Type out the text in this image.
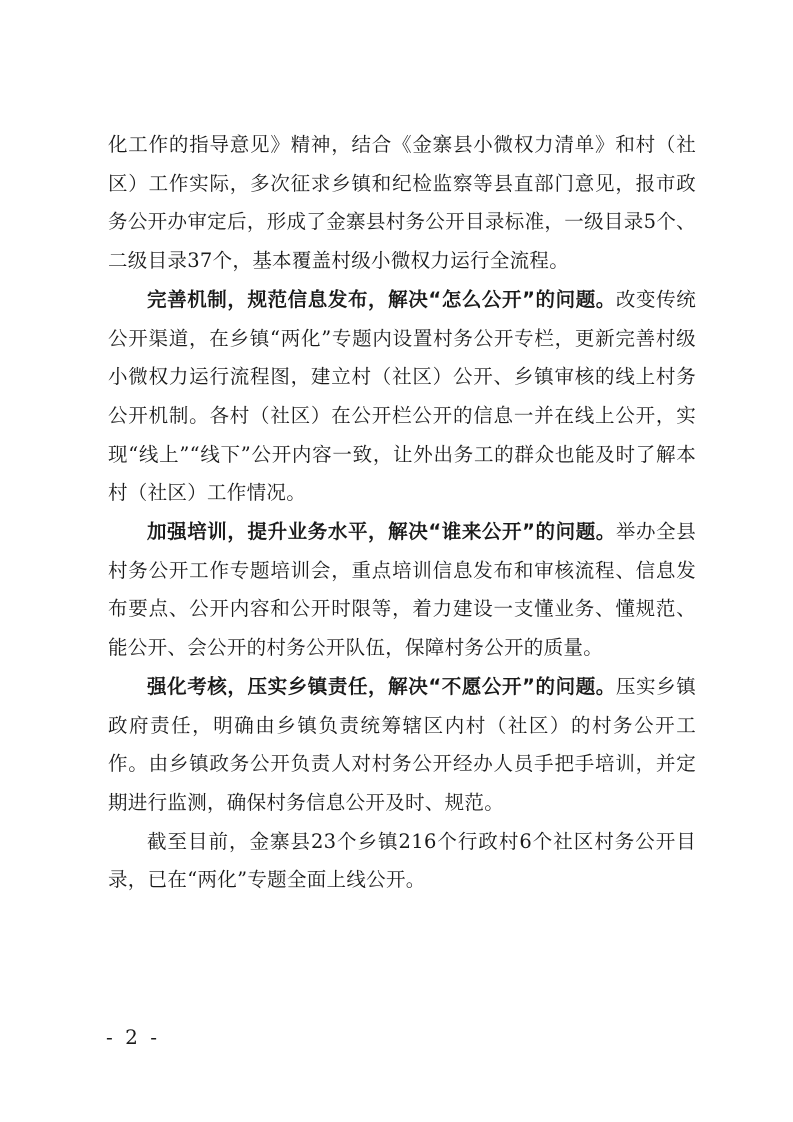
化工作的指导意见》精神，结合《金寨县小微权力清单》和村（社区）工作实际，多次征求乡镇和纪检监察等县直部门意见，报市政务公开办审定后，形成了金寨县村务公开目录标准，一级目录5个、二级目录37个，基本覆盖村级小微权力运行全流程。

完善机制，规范信息发布，解决“怎么公开”的问题。改变传统公开渠道，在乡镇“两化”专题内设置村务公开专栏，更新完善村级小微权力运行流程图，建立村（社区）公开、乡镇审核的线上村务公开机制。各村（社区）在公开栏公开的信息一并在线上公开，实现“线上”“线下”公开内容一致，让外出务工的群众也能及时了解本村（社区）工作情况。

加强培训，提升业务水平，解决“谁来公开”的问题。举办全县村务公开工作专题培训会，重点培训信息发布和审核流程、信息发布要点、公开内容和公开时限等，着力建设一支懂业务、懂规范、能公开、会公开的村务公开队伍，保障村务公开的质量。

强化考核，压实乡镇责任，解决“不愿公开”的问题。压实乡镇政府责任，明确由乡镇负责统筹辖区内村（社区）的村务公开工作。由乡镇政务公开负责人对村务公开经办人员手把手培训，并定期进行监测，确保村务信息公开及时、规范。

截至目前，金寨县23个乡镇216个行政村6个社区村务公开目录，已在“两化”专题全面上线公开。

- 2 -
